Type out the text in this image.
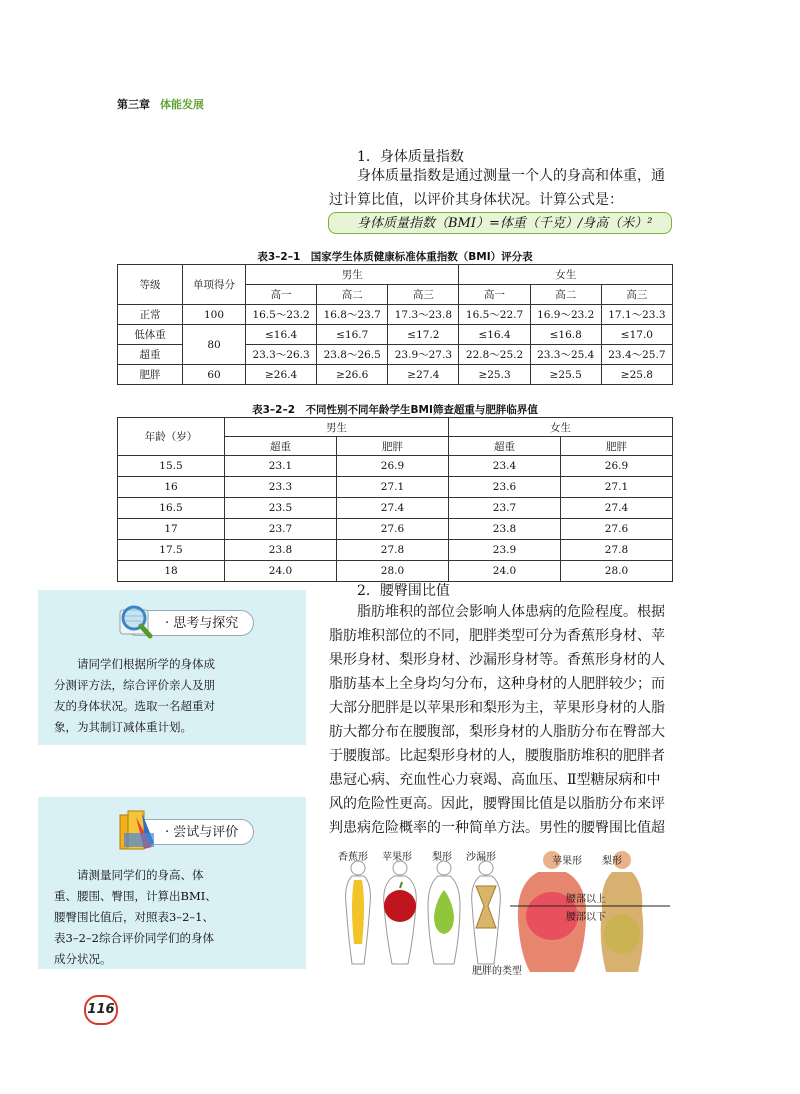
第三章 体能发展
1．身体质量指数
身体质量指数是通过测量一个人的身高和体重，通
过计算比值，以评价其身体状况。计算公式是：
身体质量指数（BMI）=体重（千克）/身高（米）²
表3–2–1　国家学生体质健康标准体重指数（BMI）评分表
等级	单项得分	男生			女生		
		高一	高二	高三	高一	高二	高三
正常	100	16.5～23.2	16.8～23.7	17.3～23.8	16.5～22.7	16.9～23.2	17.1～23.3
低体重	80	≤16.4	≤16.7	≤17.2	≤16.4	≤16.8	≤17.0
超重		23.3～26.3	23.8～26.5	23.9～27.3	22.8～25.2	23.3～25.4	23.4～25.7
肥胖	60	≥26.4	≥26.6	≥27.4	≥25.3	≥25.5	≥25.8
表3–2–2　不同性别不同年龄学生BMI筛查超重与肥胖临界值
年龄（岁）	男生		女生	
	超重	肥胖	超重	肥胖
15.5	23.1	26.9	23.4	26.9
16	23.3	27.1	23.6	27.1
16.5	23.5	27.4	23.7	27.4
17	23.7	27.6	23.8	27.6
17.5	23.8	27.8	23.9	27.8
18	24.0	28.0	24.0	28.0
2．腰臀围比值
脂肪堆积的部位会影响人体患病的危险程度。根据
脂肪堆积部位的不同，肥胖类型可分为香蕉形身材、苹
果形身材、梨形身材、沙漏形身材等。香蕉形身材的人
脂肪基本上全身均匀分布，这种身材的人肥胖较少；而
大部分肥胖是以苹果形和梨形为主，苹果形身材的人脂
肪大都分布在腰腹部，梨形身材的人脂肪分布在臀部大
于腰腹部。比起梨形身材的人，腰腹脂肪堆积的肥胖者
患冠心病、充血性心力衰竭、高血压、Ⅱ型糖尿病和中
风的危险性更高。因此，腰臀围比值是以脂肪分布来评
判患病危险概率的一种简单方法。男性的腰臀围比值超
· 思考与探究
请同学们根据所学的身体成
分测评方法，综合评价亲人及朋
友的身体状况。选取一名超重对
象，为其制订减体重计划。
· 尝试与评价
请测量同学们的身高、体
重、腰围、臀围，计算出BMI、
腰臀围比值后，对照表3–2–1、
表3–2–2综合评价同学们的身体
成分状况。
香蕉形 苹果形 梨形 沙漏形	苹果形 梨形
腰部以上
腰部以下
肥胖的类型
116
